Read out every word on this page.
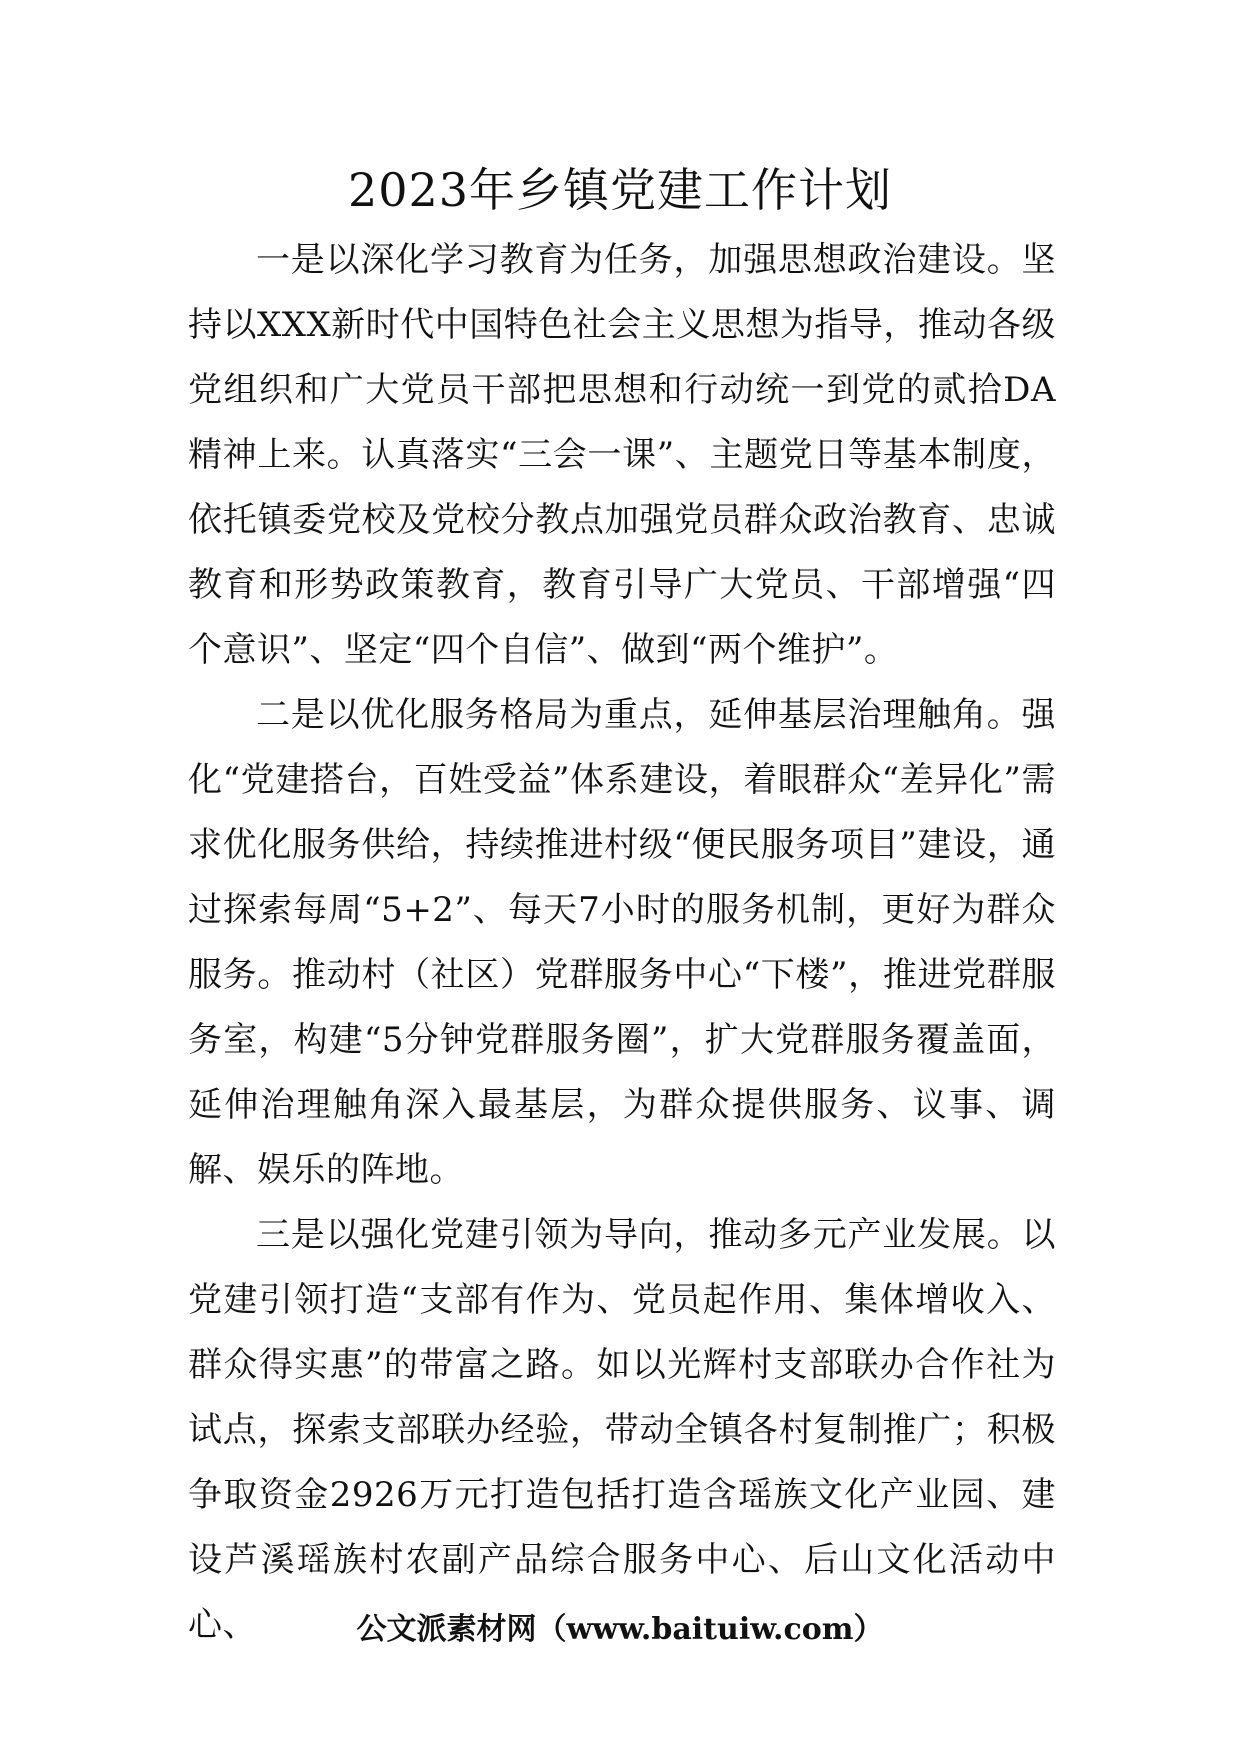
2023年乡镇党建工作计划

一是以深化学习教育为任务，加强思想政治建设。坚持以XXX新时代中国特色社会主义思想为指导，推动各级党组织和广大党员干部把思想和行动统一到党的贰拾DA精神上来。认真落实“三会一课”、主题党日等基本制度，依托镇委党校及党校分教点加强党员群众政治教育、忠诚教育和形势政策教育，教育引导广大党员、干部增强“四个意识”、坚定“四个自信”、做到“两个维护”。

二是以优化服务格局为重点，延伸基层治理触角。强化“党建搭台，百姓受益”体系建设，着眼群众“差异化”需求优化服务供给，持续推进村级“便民服务项目”建设，通过探索每周“5+2”、每天7小时的服务机制，更好为群众服务。推动村（社区）党群服务中心“下楼”，推进党群服务室，构建“5分钟党群服务圈”，扩大党群服务覆盖面，延伸治理触角深入最基层，为群众提供服务、议事、调解、娱乐的阵地。

三是以强化党建引领为导向，推动多元产业发展。以党建引领打造“支部有作为、党员起作用、集体增收入、群众得实惠”的带富之路。如以光辉村支部联办合作社为试点，探索支部联办经验，带动全镇各村复制推广；积极争取资金2926万元打造包括打造含瑶族文化产业园、建设芦溪瑶族村农副产品综合服务中心、后山文化活动中心、	公文派素材网（www.baituiw.com）
